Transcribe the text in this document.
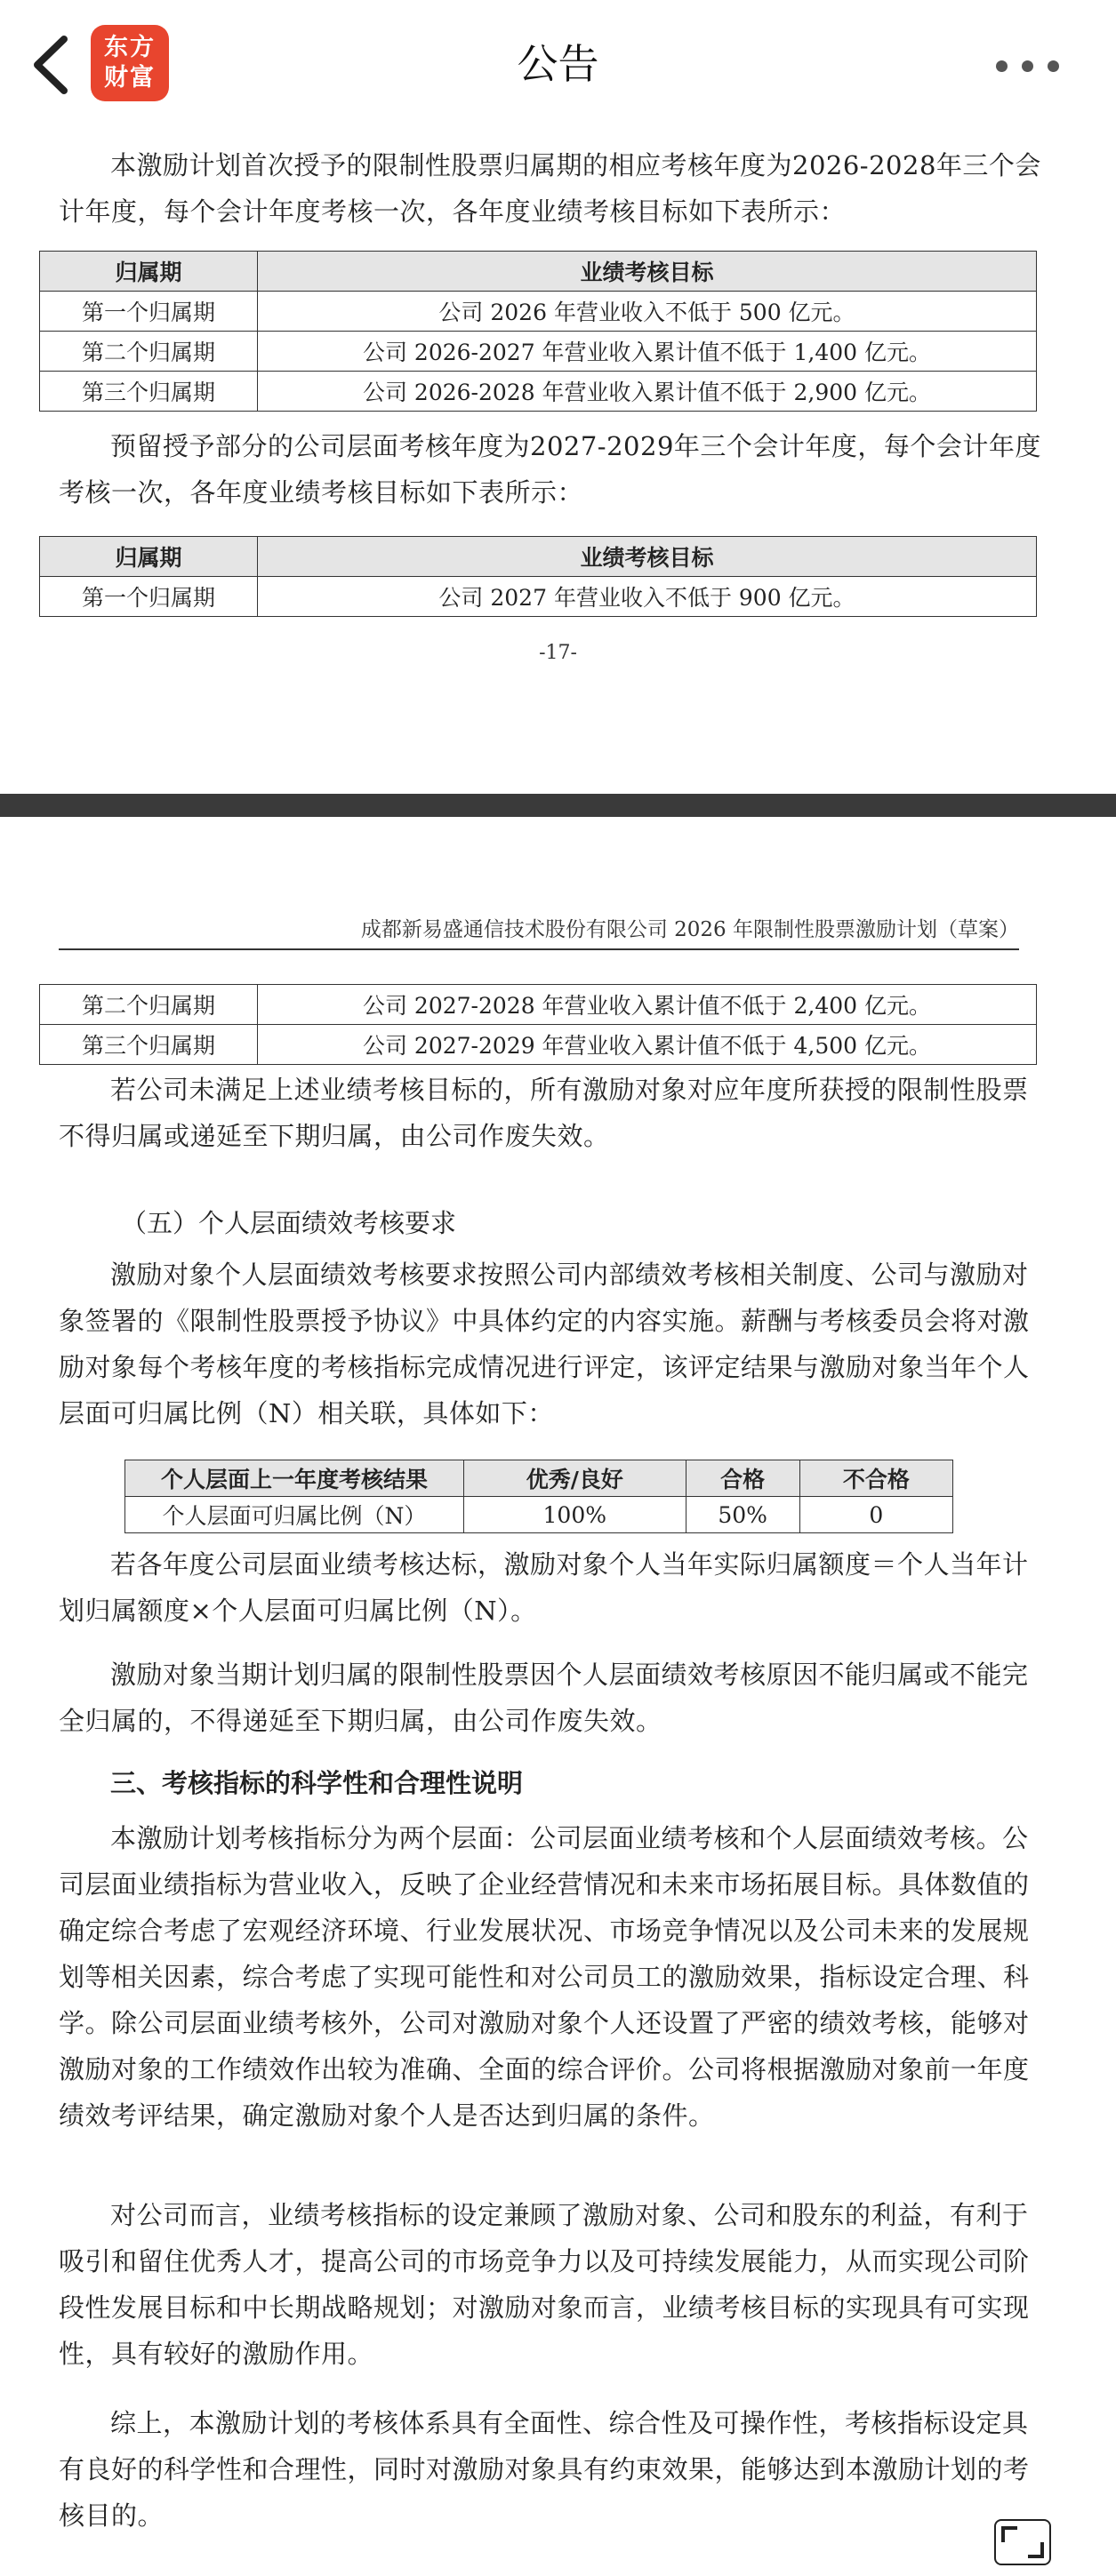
东方
财富	公告

本激励计划首次授予的限制性股票归属期的相应考核年度为2026-2028年三个会计年度，每个会计年度考核一次，各年度业绩考核目标如下表所示：

归属期	业绩考核目标
第一个归属期	公司 2026 年营业收入不低于 500 亿元。
第二个归属期	公司 2026-2027 年营业收入累计值不低于 1,400 亿元。
第三个归属期	公司 2026-2028 年营业收入累计值不低于 2,900 亿元。

预留授予部分的公司层面考核年度为2027-2029年三个会计年度，每个会计年度考核一次，各年度业绩考核目标如下表所示：

归属期	业绩考核目标
第一个归属期	公司 2027 年营业收入不低于 900 亿元。
-17-
成都新易盛通信技术股份有限公司 2026 年限制性股票激励计划（草案）
第二个归属期	公司 2027-2028 年营业收入累计值不低于 2,400 亿元。
第三个归属期	公司 2027-2029 年营业收入累计值不低于 4,500 亿元。

若公司未满足上述业绩考核目标的，所有激励对象对应年度所获授的限制性股票不得归属或递延至下期归属，由公司作废失效。

（五）个人层面绩效考核要求

激励对象个人层面绩效考核要求按照公司内部绩效考核相关制度、公司与激励对象签署的《限制性股票授予协议》中具体约定的内容实施。薪酬与考核委员会将对激励对象每个考核年度的考核指标完成情况进行评定，该评定结果与激励对象当年个人层面可归属比例（N）相关联，具体如下：

个人层面上一年度考核结果	优秀/良好	合格	不合格
个人层面可归属比例（N）	100%	50%	0

若各年度公司层面业绩考核达标，激励对象个人当年实际归属额度＝个人当年计划归属额度×个人层面可归属比例（N）。

激励对象当期计划归属的限制性股票因个人层面绩效考核原因不能归属或不能完全归属的，不得递延至下期归属，由公司作废失效。

三、考核指标的科学性和合理性说明

本激励计划考核指标分为两个层面：公司层面业绩考核和个人层面绩效考核。公司层面业绩指标为营业收入，反映了企业经营情况和未来市场拓展目标。具体数值的确定综合考虑了宏观经济环境、行业发展状况、市场竞争情况以及公司未来的发展规划等相关因素，综合考虑了实现可能性和对公司员工的激励效果，指标设定合理、科学。除公司层面业绩考核外，公司对激励对象个人还设置了严密的绩效考核，能够对激励对象的工作绩效作出较为准确、全面的综合评价。公司将根据激励对象前一年度绩效考评结果，确定激励对象个人是否达到归属的条件。

对公司而言，业绩考核指标的设定兼顾了激励对象、公司和股东的利益，有利于吸引和留住优秀人才，提高公司的市场竞争力以及可持续发展能力，从而实现公司阶段性发展目标和中长期战略规划；对激励对象而言，业绩考核目标的实现具有可实现性，具有较好的激励作用。

综上，本激励计划的考核体系具有全面性、综合性及可操作性，考核指标设定具有良好的科学性和合理性，同时对激励对象具有约束效果，能够达到本激励计划的考核目的。
